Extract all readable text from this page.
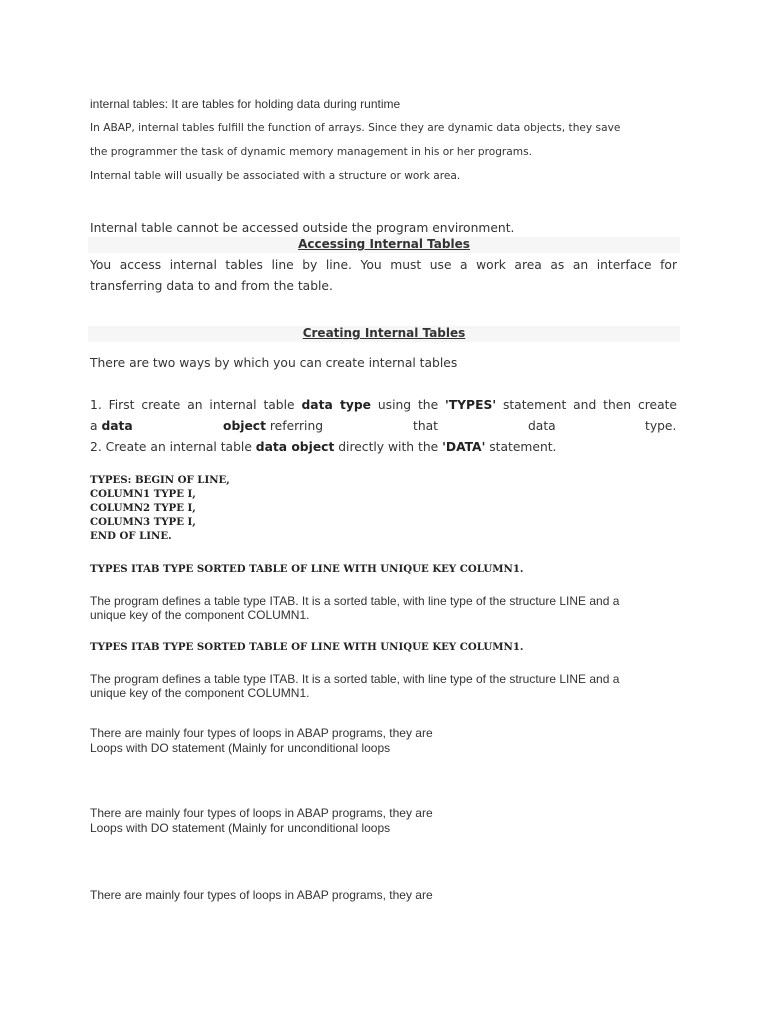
internal tables: It are tables for holding data during runtime
In ABAP, internal tables fulfill the function of arrays. Since they are dynamic data objects, they save
the programmer the task of dynamic memory management in his or her programs.
Internal table will usually be associated with a structure or work area.
Internal table cannot be accessed outside the program environment.
Accessing Internal Tables
You access internal tables line by line. You must use a work area as an interface for
transferring data to and from the table.
Creating Internal Tables
There are two ways by which you can create internal tables
1. First create an internal table data type using the 'TYPES' statement and then create
a data	object referring	that	data	type.
2. Create an internal table data object directly with the 'DATA' statement.
TYPES: BEGIN OF LINE,
COLUMN1 TYPE I,
COLUMN2 TYPE I,
COLUMN3 TYPE I,
END OF LINE.
TYPES ITAB TYPE SORTED TABLE OF LINE WITH UNIQUE KEY COLUMN1.
The program defines a table type ITAB. It is a sorted table, with line type of the structure LINE and a
unique key of the component COLUMN1.
TYPES ITAB TYPE SORTED TABLE OF LINE WITH UNIQUE KEY COLUMN1.
The program defines a table type ITAB. It is a sorted table, with line type of the structure LINE and a
unique key of the component COLUMN1.
There are mainly four types of loops in ABAP programs, they are
Loops with DO statement (Mainly for unconditional loops
There are mainly four types of loops in ABAP programs, they are
Loops with DO statement (Mainly for unconditional loops
There are mainly four types of loops in ABAP programs, they are
